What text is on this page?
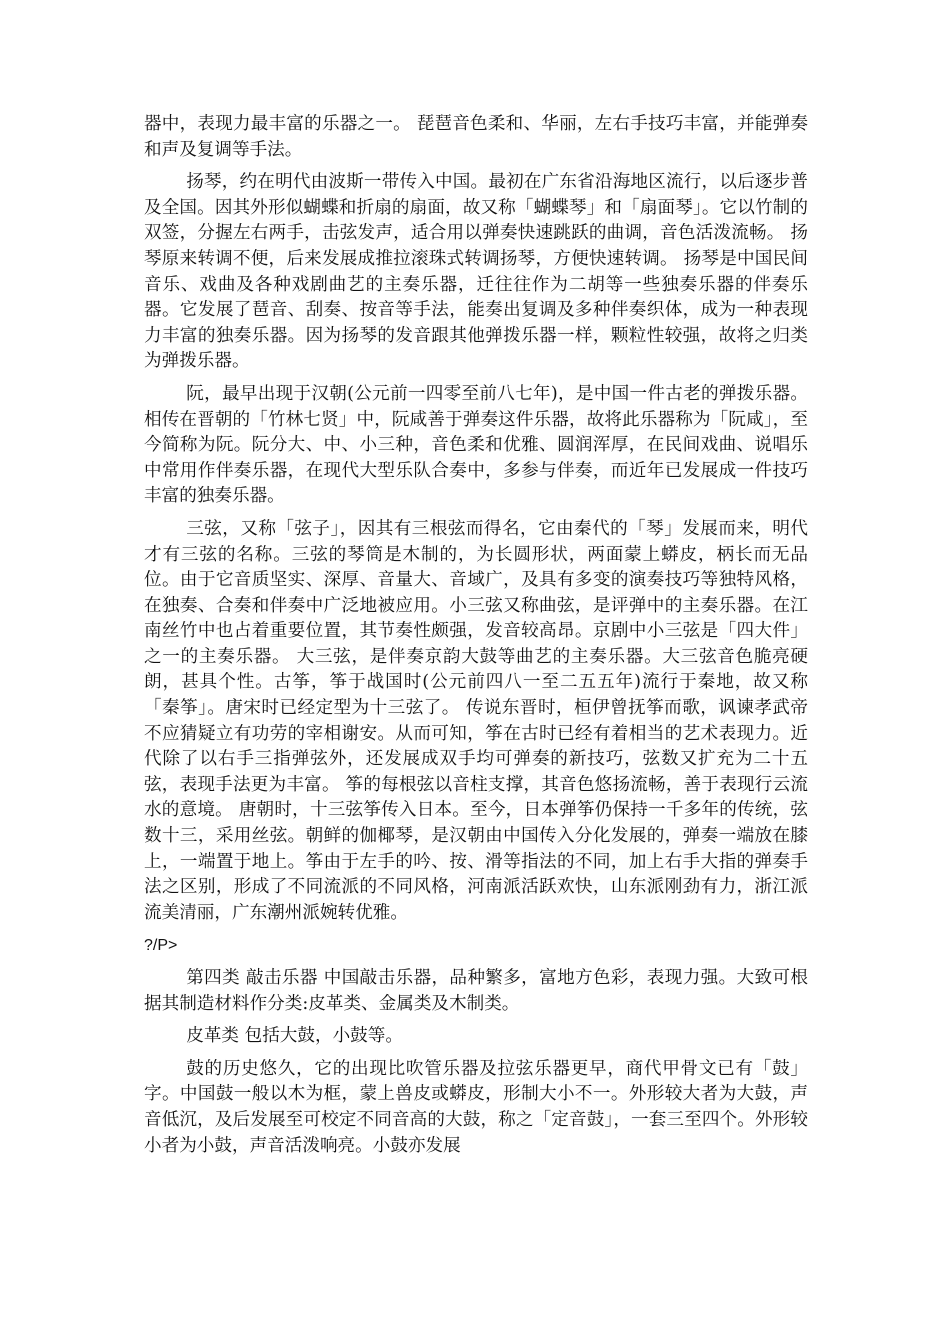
器中，表现力最丰富的乐器之一。 琵琶音色柔和、华丽，左右手技巧丰富，并能弹奏和声及复调等手法。

扬琴，约在明代由波斯一带传入中国。最初在广东省沿海地区流行，以后逐步普及全国。因其外形似蝴蝶和折扇的扇面，故又称「蝴蝶琴」和「扇面琴」。它以竹制的双签，分握左右两手，击弦发声，适合用以弹奏快速跳跃的曲调，音色活泼流畅。 扬琴原来转调不便，后来发展成推拉滚珠式转调扬琴，方便快速转调。 扬琴是中国民间音乐、戏曲及各种戏剧曲艺的主奏乐器，迁往往作为二胡等一些独奏乐器的伴奏乐器。它发展了琶音、刮奏、按音等手法，能奏出复调及多种伴奏织体，成为一种表现力丰富的独奏乐器。因为扬琴的发音跟其他弹拨乐器一样，颗粒性较强，故将之归类为弹拨乐器。

阮，最早出现于汉朝(公元前一四零至前八七年)，是中国一件古老的弹拨乐器。相传在晋朝的「竹林七贤」中，阮咸善于弹奏这件乐器，故将此乐器称为「阮咸」，至今简称为阮。阮分大、中、小三种，音色柔和优雅、圆润浑厚，在民间戏曲、说唱乐中常用作伴奏乐器，在现代大型乐队合奏中，多参与伴奏，而近年已发展成一件技巧丰富的独奏乐器。

三弦，又称「弦子」，因其有三根弦而得名，它由秦代的「琴」发展而来，明代才有三弦的名称。三弦的琴筒是木制的，为长圆形状，两面蒙上蟒皮，柄长而无品位。由于它音质坚实、深厚、音量大、音域广，及具有多变的演奏技巧等独特风格，在独奏、合奏和伴奏中广泛地被应用。小三弦又称曲弦，是评弹中的主奏乐器。在江南丝竹中也占着重要位置，其节奏性颇强，发音较高昂。京剧中小三弦是「四大件」之一的主奏乐器。 大三弦，是伴奏京韵大鼓等曲艺的主奏乐器。大三弦音色脆亮硬朗，甚具个性。古筝，筝于战国时(公元前四八一至二五五年)流行于秦地，故又称「秦筝」。唐宋时已经定型为十三弦了。 传说东晋时，桓伊曾抚筝而歌，讽谏孝武帝不应猜疑立有功劳的宰相谢安。从而可知，筝在古时已经有着相当的艺术表现力。近代除了以右手三指弹弦外，还发展成双手均可弹奏的新技巧，弦数又扩充为二十五弦，表现手法更为丰富。 筝的每根弦以音柱支撑，其音色悠扬流畅，善于表现行云流水的意境。 唐朝时，十三弦筝传入日本。至今，日本弹筝仍保持一千多年的传统，弦数十三，采用丝弦。朝鲜的伽椰琴，是汉朝由中国传入分化发展的，弹奏一端放在膝上，一端置于地上。筝由于左手的吟、按、滑等指法的不同，加上右手大指的弹奏手法之区别，形成了不同流派的不同风格，河南派活跃欢快，山东派刚劲有力，浙江派流美清丽，广东潮州派婉转优雅。

?/P>

第四类 敲击乐器 中国敲击乐器，品种繁多，富地方色彩，表现力强。大致可根据其制造材料作分类:皮革类、金属类及木制类。

皮革类 包括大鼓，小鼓等。

鼓的历史悠久，它的出现比吹管乐器及拉弦乐器更早，商代甲骨文已有「鼓」字。中国鼓一般以木为框，蒙上兽皮或蟒皮，形制大小不一。外形较大者为大鼓，声音低沉，及后发展至可校定不同音高的大鼓，称之「定音鼓」，一套三至四个。外形较小者为小鼓，声音活泼响亮。小鼓亦发展
